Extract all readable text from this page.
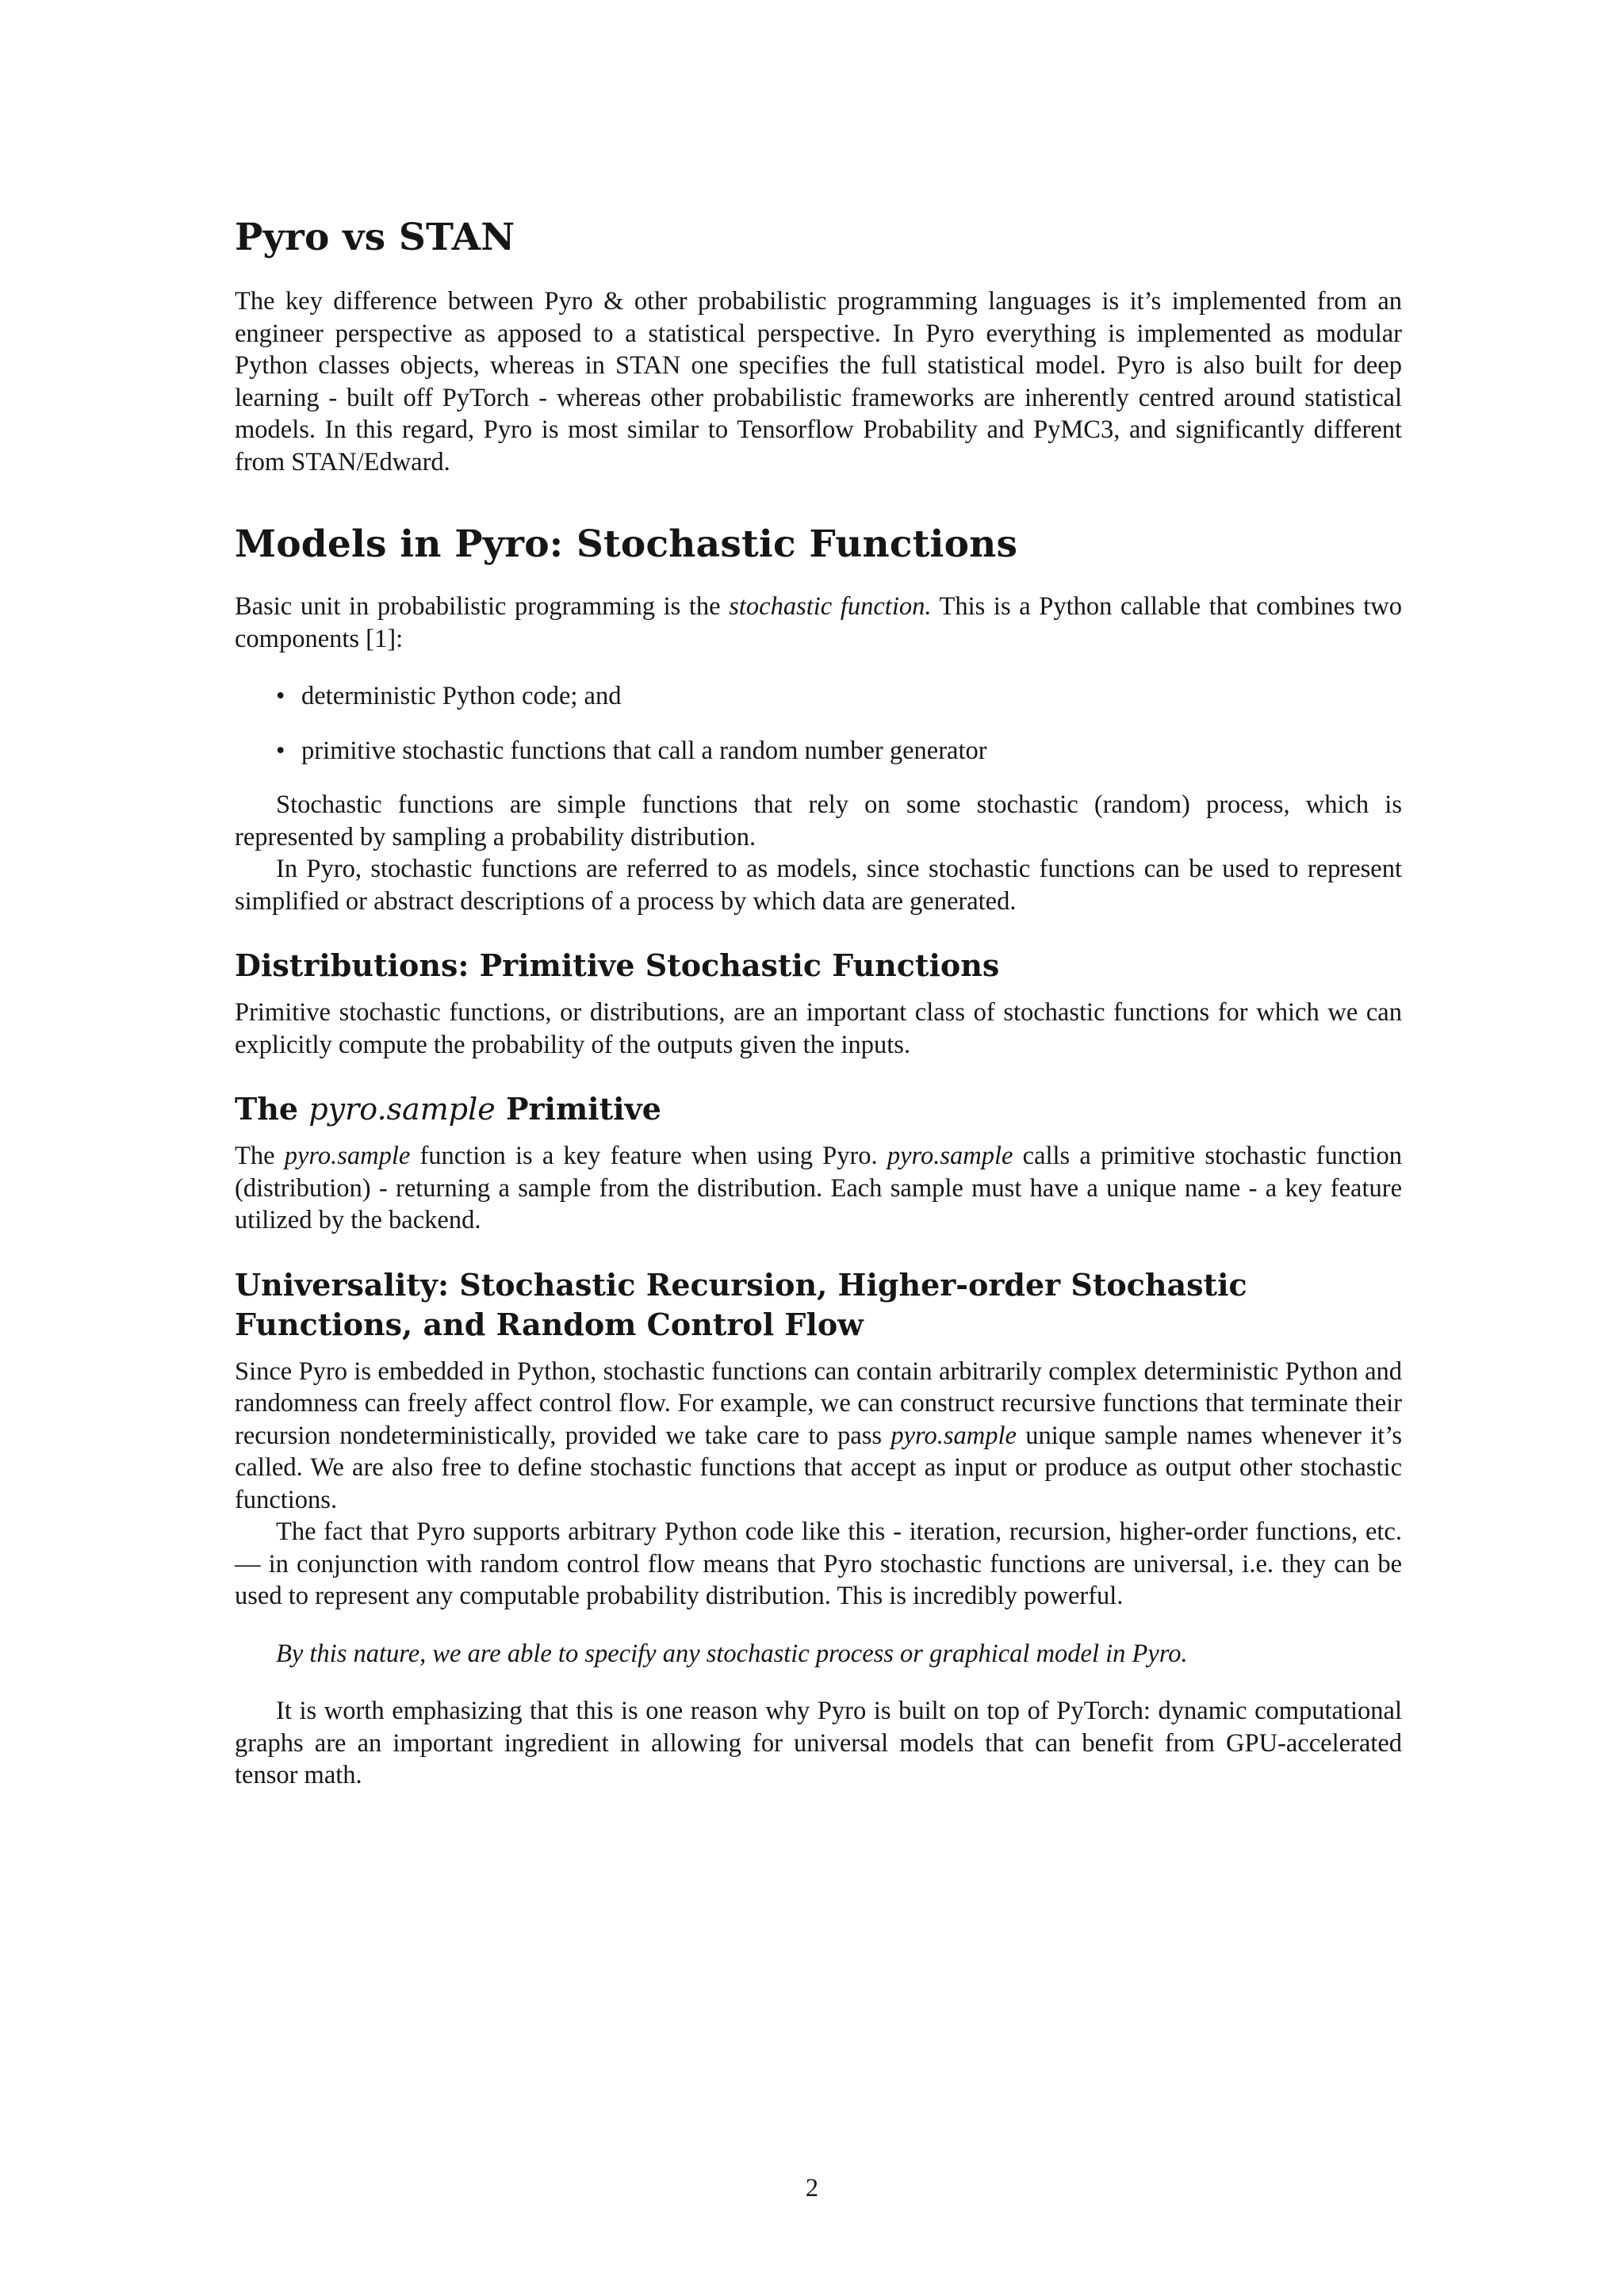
Pyro vs STAN

The key difference between Pyro & other probabilistic programming languages is it’s implemented from an engineer perspective as apposed to a statistical perspective. In Pyro everything is implemented as modular Python classes objects, whereas in STAN one specifies the full statistical model. Pyro is also built for deep learning - built off PyTorch - whereas other probabilistic frameworks are inherently centred around statistical models. In this regard, Pyro is most similar to Tensorflow Probability and PyMC3, and significantly different from STAN/Edward.

Models in Pyro: Stochastic Functions

Basic unit in probabilistic programming is the stochastic function. This is a Python callable that combines two components [1]:

• deterministic Python code; and
• primitive stochastic functions that call a random number generator

Stochastic functions are simple functions that rely on some stochastic (random) process, which is represented by sampling a probability distribution.

In Pyro, stochastic functions are referred to as models, since stochastic functions can be used to represent simplified or abstract descriptions of a process by which data are generated.

Distributions: Primitive Stochastic Functions

Primitive stochastic functions, or distributions, are an important class of stochastic functions for which we can explicitly compute the probability of the outputs given the inputs.

The pyro.sample Primitive

The pyro.sample function is a key feature when using Pyro. pyro.sample calls a primitive stochastic function (distribution) - returning a sample from the distribution. Each sample must have a unique name - a key feature utilized by the backend.

Universality: Stochastic Recursion, Higher-order Stochastic Functions, and Random Control Flow

Since Pyro is embedded in Python, stochastic functions can contain arbitrarily complex deterministic Python and randomness can freely affect control flow. For example, we can construct recursive functions that terminate their recursion nondeterministically, provided we take care to pass pyro.sample unique sample names whenever it’s called. We are also free to define stochastic functions that accept as input or produce as output other stochastic functions.

The fact that Pyro supports arbitrary Python code like this - iteration, recursion, higher-order functions, etc. — in conjunction with random control flow means that Pyro stochastic functions are universal, i.e. they can be used to represent any computable probability distribution. This is incredibly powerful.

By this nature, we are able to specify any stochastic process or graphical model in Pyro.

It is worth emphasizing that this is one reason why Pyro is built on top of PyTorch: dynamic computational graphs are an important ingredient in allowing for universal models that can benefit from GPU-accelerated tensor math.

2
